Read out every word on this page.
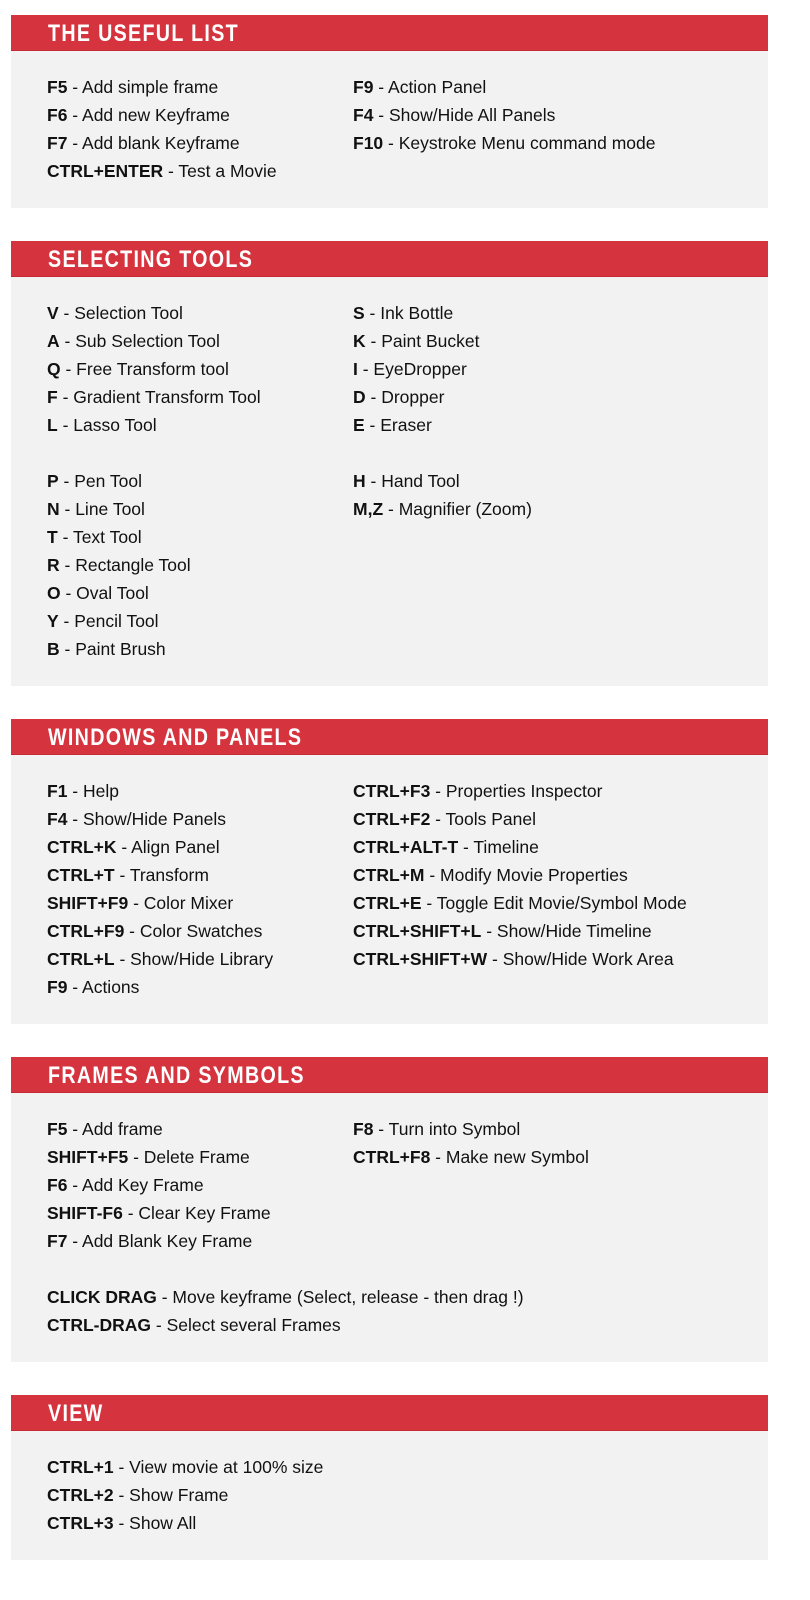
THE USEFUL LIST
F5 - Add simple frame
F6 - Add new Keyframe
F7 - Add blank Keyframe
CTRL+ENTER - Test a Movie
F9 - Action Panel
F4 - Show/Hide All Panels
F10 - Keystroke Menu command mode
SELECTING TOOLS
V - Selection Tool
A - Sub Selection Tool
Q - Free Transform tool
F - Gradient Transform Tool
L - Lasso Tool
P - Pen Tool
N - Line Tool
T - Text Tool
R - Rectangle Tool
O - Oval Tool
Y - Pencil Tool
B - Paint Brush
S - Ink Bottle
K - Paint Bucket
I - EyeDropper
D - Dropper
E - Eraser
H - Hand Tool
M,Z - Magnifier (Zoom)
WINDOWS AND PANELS
F1 - Help
F4 - Show/Hide Panels
CTRL+K - Align Panel
CTRL+T - Transform
SHIFT+F9 - Color Mixer
CTRL+F9 - Color Swatches
CTRL+L - Show/Hide Library
F9 - Actions
CTRL+F3 - Properties Inspector
CTRL+F2 - Tools Panel
CTRL+ALT-T - Timeline
CTRL+M - Modify Movie Properties
CTRL+E - Toggle Edit Movie/Symbol Mode
CTRL+SHIFT+L - Show/Hide Timeline
CTRL+SHIFT+W - Show/Hide Work Area
FRAMES AND SYMBOLS
F5 - Add frame
SHIFT+F5 - Delete Frame
F6 - Add Key Frame
SHIFT-F6 - Clear Key Frame
F7 - Add Blank Key Frame
CLICK DRAG - Move keyframe (Select, release - then drag !)
CTRL-DRAG - Select several Frames
F8 - Turn into Symbol
CTRL+F8 - Make new Symbol
VIEW
CTRL+1 - View movie at 100% size
CTRL+2 - Show Frame
CTRL+3 - Show All
